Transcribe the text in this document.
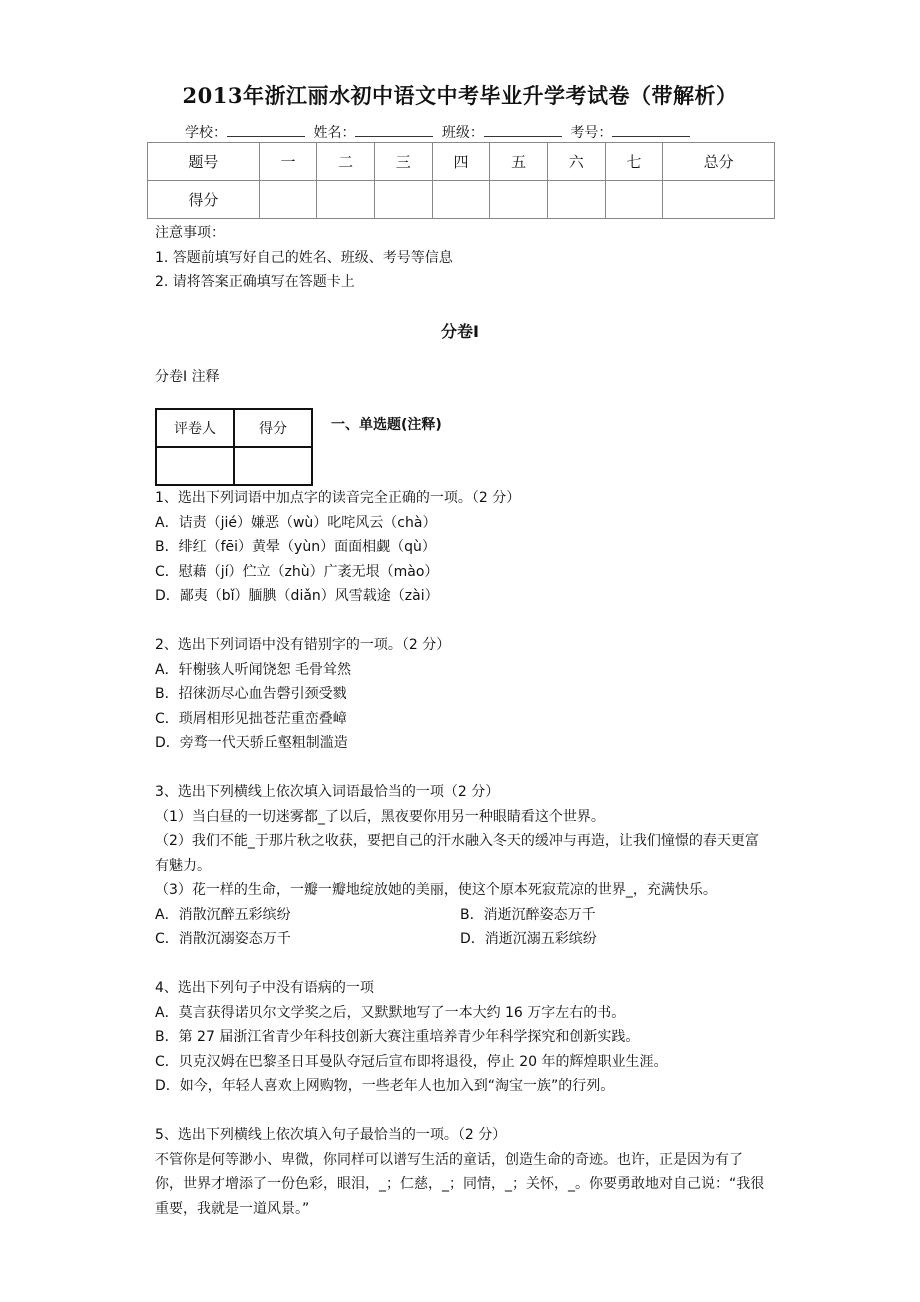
2013年浙江丽水初中语文中考毕业升学考试卷（带解析）
学校：	姓名：	班级：	考号：
题号	一	二	三	四	五	六	七	总分
得分								

注意事项：

1. 答题前填写好自己的姓名、班级、考号等信息

2. 请将答案正确填写在答题卡上

分卷Ⅰ
分卷Ⅰ 注释
评卷人	得分
		一、单选题(注释)

1、选出下列词语中加点字的读音完全正确的一项。（2 分）

A．诘责（jié）嫌恶（wù）叱咤风云（chà）

B．绯红（fēi）黄晕（yùn）面面相觑（qù）

C．慰藉（jí）伫立（zhù）广袤无垠（mào）

D．鄙夷（bǐ）腼腆（diǎn）风雪载途（zài）

2、选出下列词语中没有错别字的一项。（2 分）

A．轩榭骇人听闻饶恕 毛骨耸然

B．招徕沥尽心血告磬引颈受戮

C．琐屑相形见拙苍茫重峦叠嶂

D．旁骛一代天骄丘壑粗制滥造

3、选出下列横线上依次填入词语最恰当的一项（2 分）

（1）当白昼的一切迷雾都_了以后，黑夜要你用另一种眼睛看这个世界。

（2）我们不能_于那片秋之收获，要把自己的汗水融入冬天的缓冲与再造，让我们憧憬的春天更富有魅力。

（3）花一样的生命，一瓣一瓣地绽放她的美丽，使这个原本死寂荒凉的世界_，充满快乐。

A．消散沉醉五彩缤纷	B．消逝沉醉姿态万千
C．消散沉溺姿态万千	D．消逝沉溺五彩缤纷

4、选出下列句子中没有语病的一项

A．莫言获得诺贝尔文学奖之后，又默默地写了一本大约 16 万字左右的书。

B．第 27 届浙江省青少年科技创新大赛注重培养青少年科学探究和创新实践。

C．贝克汉姆在巴黎圣日耳曼队夺冠后宣布即将退役，停止 20 年的辉煌职业生涯。

D．如今，年轻人喜欢上网购物，一些老年人也加入到“淘宝一族”的行列。

5、选出下列横线上依次填入句子最恰当的一项。（2 分）

不管你是何等渺小、卑微，你同样可以谱写生活的童话，创造生命的奇迹。也许，正是因为有了你，世界才增添了一份色彩，眼泪，_；仁慈，_；同情，_；关怀，_。你要勇敢地对自己说：“我很重要，我就是一道风景。”
